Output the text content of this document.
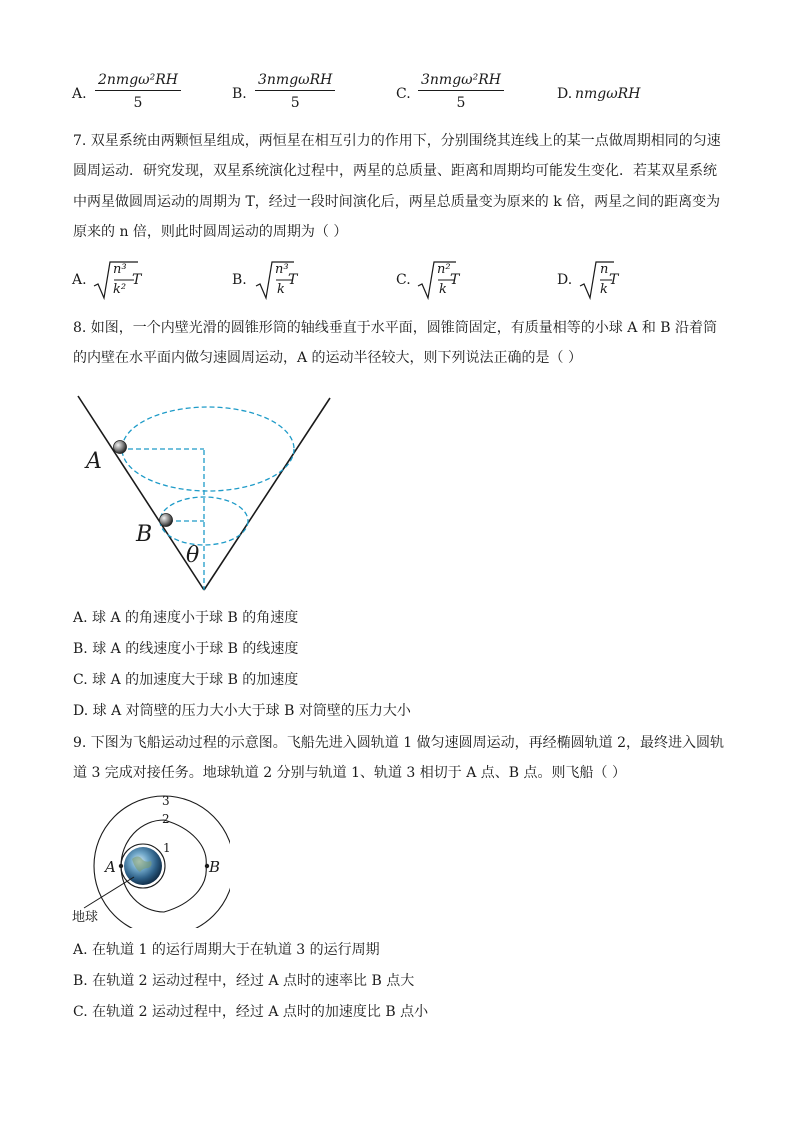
A.
2nmgω²RH
5
B.
3nmgωRH
5
C.
3nmgω²RH
5
D. nmgωRH
7. 双星系统由两颗恒星组成，两恒星在相互引力的作用下，分别围绕其连线上的某一点做周期相同的匀速
圆周运动．研究发现，双星系统演化过程中，两星的总质量、距离和周期均可能发生变化．若某双星系统
中两星做圆周运动的周期为 T，经过一段时间演化后，两星总质量变为原来的 k 倍，两星之间的距离变为
原来的 n 倍，则此时圆周运动的周期为（ ）
A.
n³
k²
T	B.
n³
k
T	C.
n²
k
T	D.
n
k
T
8. 如图，一个内壁光滑的圆锥形筒的轴线垂直于水平面，圆锥筒固定，有质量相等的小球 A 和 B 沿着筒
的内壁在水平面内做匀速圆周运动，A 的运动半径较大，则下列说法正确的是（ ）
A
B
θ
A. 球 A 的角速度小于球 B 的角速度
B. 球 A 的线速度小于球 B 的线速度
C. 球 A 的加速度大于球 B 的加速度
D. 球 A 对筒壁的压力大小大于球 B 对筒壁的压力大小
9. 下图为飞船运动过程的示意图。飞船先进入圆轨道 1 做匀速圆周运动，再经椭圆轨道 2，最终进入圆轨
道 3 完成对接任务。地球轨道 2 分别与轨道 1、轨道 3 相切于 A 点、B 点。则飞船（ ）
3
2
1
A	B
地球
A. 在轨道 1 的运行周期大于在轨道 3 的运行周期
B. 在轨道 2 运动过程中，经过 A 点时的速率比 B 点大
C. 在轨道 2 运动过程中，经过 A 点时的加速度比 B 点小
